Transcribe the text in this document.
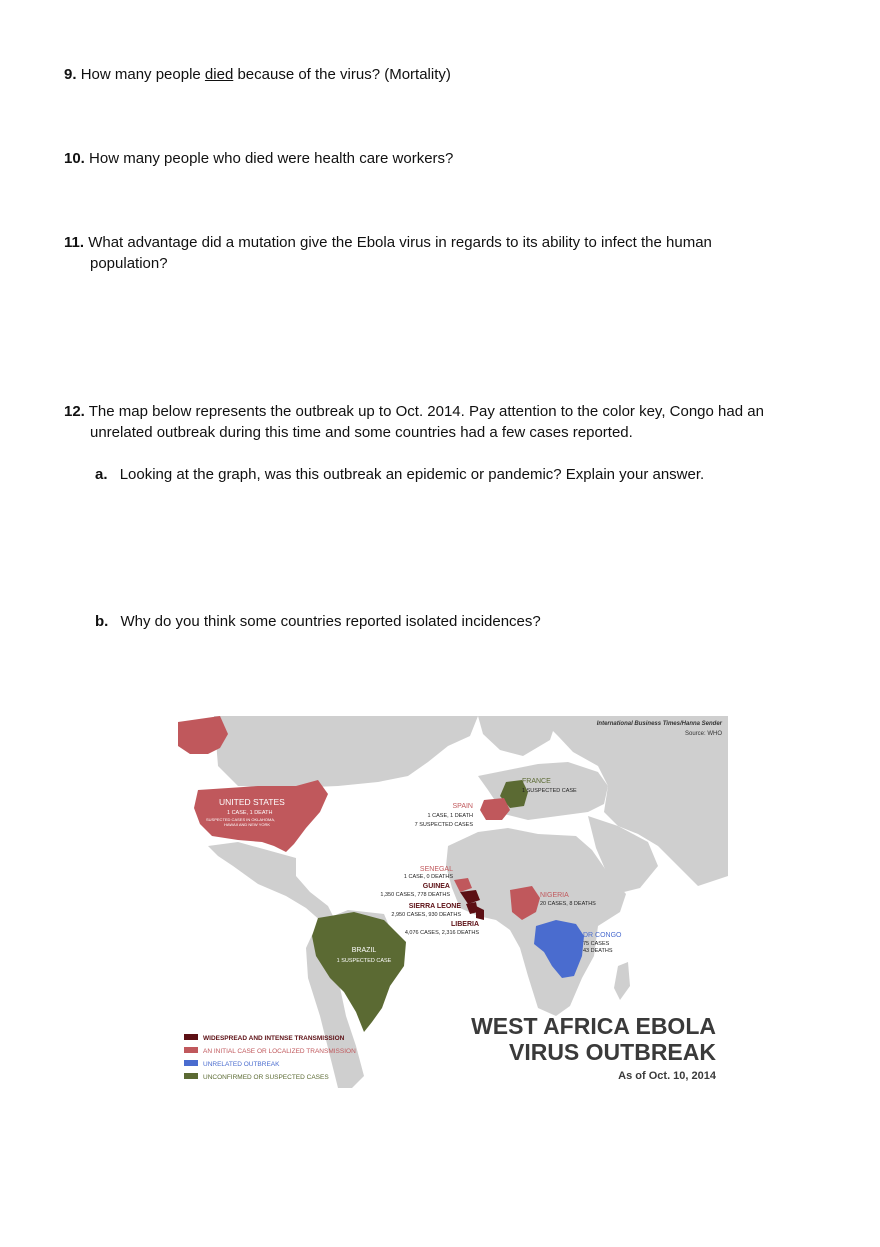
9. How many people died because of the virus? (Mortality)
10. How many people who died were health care workers?
11. What advantage did a mutation give the Ebola virus in regards to its ability to infect the human
population?
12. The map below represents the outbreak up to Oct. 2014. Pay attention to the color key, Congo had an
unrelated outbreak during this time and some countries had a few cases reported.
a. Looking at the graph, was this outbreak an epidemic or pandemic? Explain your answer.
b. Why do you think some countries reported isolated incidences?
International Business Times/Hanna Sender
Source: WHO
UNITED STATES
1 CASE, 1 DEATH
SUSPECTED CASES IN OKLAHOMA,
HAWAII AND NEW YORK
FRANCE
1 SUSPECTED CASE
SPAIN
1 CASE, 1 DEATH
7 SUSPECTED CASES
SENEGAL
1 CASE, 0 DEATHS
GUINEA
1,350 CASES, 778 DEATHS
SIERRA LEONE
2,950 CASES, 930 DEATHS
LIBERIA
4,076 CASES, 2,316 DEATHS
NIGERIA
20 CASES, 8 DEATHS
DR CONGO
75 CASES
43 DEATHS
BRAZIL
1 SUSPECTED CASE
WIDESPREAD AND INTENSE TRANSMISSION
AN INITIAL CASE OR LOCALIZED TRANSMISSION
UNRELATED OUTBREAK
UNCONFIRMED OR SUSPECTED CASES
WEST AFRICA EBOLA
VIRUS OUTBREAK
As of Oct. 10, 2014
